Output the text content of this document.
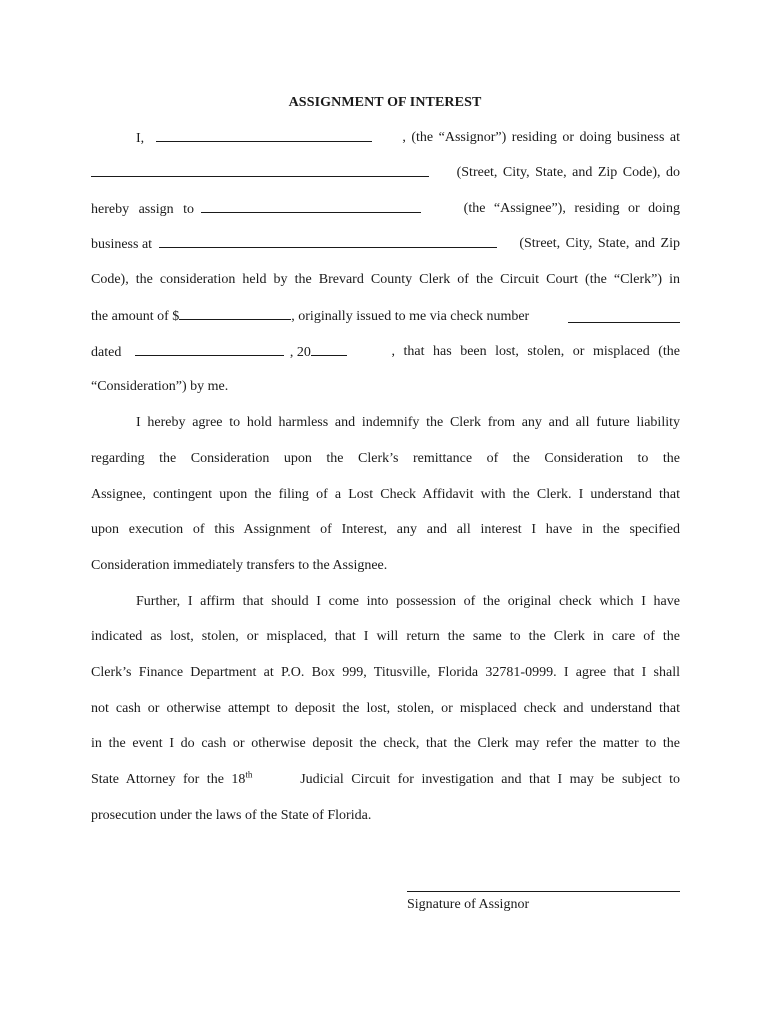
ASSIGNMENT OF INTEREST
I,	, (the “Assignor”) residing or doing business at
(Street, City, State, and Zip Code), do
hereby assign to	(the “Assignee”), residing or doing
business at	(Street, City, State, and Zip
Code), the consideration held by the Brevard County Clerk of the Circuit Court (the “Clerk”) in
the amount of $	, originally issued to me via check number
dated	, 20	, that has been lost, stolen, or misplaced (the
“Consideration”) by me.
I hereby agree to hold harmless and indemnify the Clerk from any and all future liability
regarding the Consideration upon the Clerk’s remittance of the Consideration to the
Assignee, contingent upon the filing of a Lost Check Affidavit with the Clerk. I understand that
upon execution of this Assignment of Interest, any and all interest I have in the specified
Consideration immediately transfers to the Assignee.
Further, I affirm that should I come into possession of the original check which I have
indicated as lost, stolen, or misplaced, that I will return the same to the Clerk in care of the
Clerk’s Finance Department at P.O. Box 999, Titusville, Florida 32781-0999. I agree that I shall
not cash or otherwise attempt to deposit the lost, stolen, or misplaced check and understand that
in the event I do cash or otherwise deposit the check, that the Clerk may refer the matter to the
State Attorney for the 18th	Judicial Circuit for investigation and that I may be subject to
prosecution under the laws of the State of Florida.
Signature of Assignor
